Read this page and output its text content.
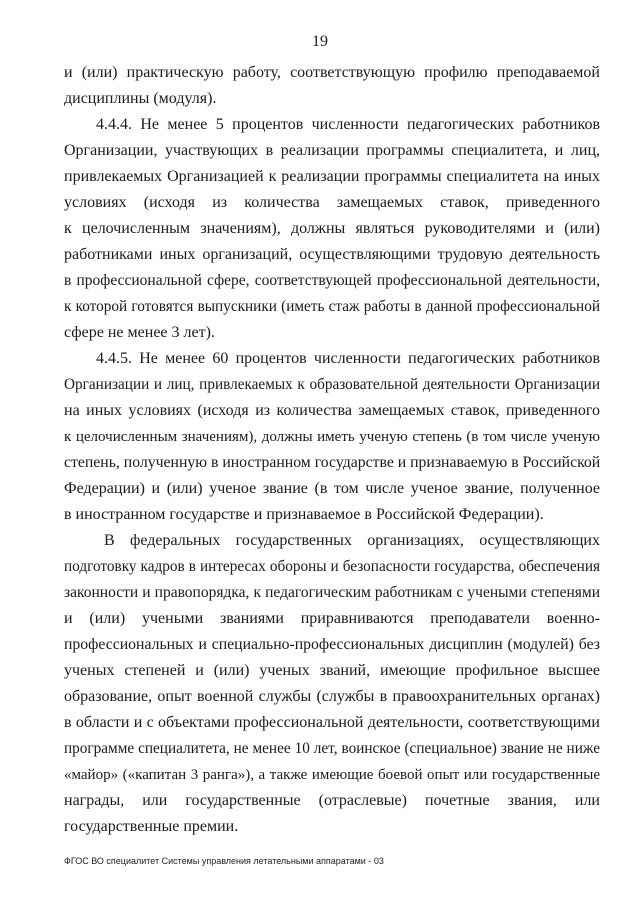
19
и (или) практическую работу, соответствующую профилю преподаваемой
дисциплины (модуля).
4.4.4. Не менее 5 процентов численности педагогических работников
Организации, участвующих в реализации программы специалитета, и лиц,
привлекаемых Организацией к реализации программы специалитета на иных
условиях (исходя из количества замещаемых ставок, приведенного
к целочисленным значениям), должны являться руководителями и (или)
работниками иных организаций, осуществляющими трудовую деятельность
в профессиональной сфере, соответствующей профессиональной деятельности,
к которой готовятся выпускники (иметь стаж работы в данной профессиональной
сфере не менее 3 лет).
4.4.5. Не менее 60 процентов численности педагогических работников
Организации и лиц, привлекаемых к образовательной деятельности Организации
на иных условиях (исходя из количества замещаемых ставок, приведенного
к целочисленным значениям), должны иметь ученую степень (в том числе ученую
степень, полученную в иностранном государстве и признаваемую в Российской
Федерации) и (или) ученое звание (в том числе ученое звание, полученное
в иностранном государстве и признаваемое в Российской Федерации).
В федеральных государственных организациях, осуществляющих
подготовку кадров в интересах обороны и безопасности государства, обеспечения
законности и правопорядка, к педагогическим работникам с учеными степенями
и (или) учеными званиями приравниваются преподаватели военно-
профессиональных и специально-профессиональных дисциплин (модулей) без
ученых степеней и (или) ученых званий, имеющие профильное высшее
образование, опыт военной службы (службы в правоохранительных органах)
в области и с объектами профессиональной деятельности, соответствующими
программе специалитета, не менее 10 лет, воинское (специальное) звание не ниже
«майор» («капитан 3 ранга»), а также имеющие боевой опыт или государственные
награды, или государственные (отраслевые) почетные звания, или
государственные премии.
ФГОС ВО специалитет Системы управления летательными аппаратами - 03
